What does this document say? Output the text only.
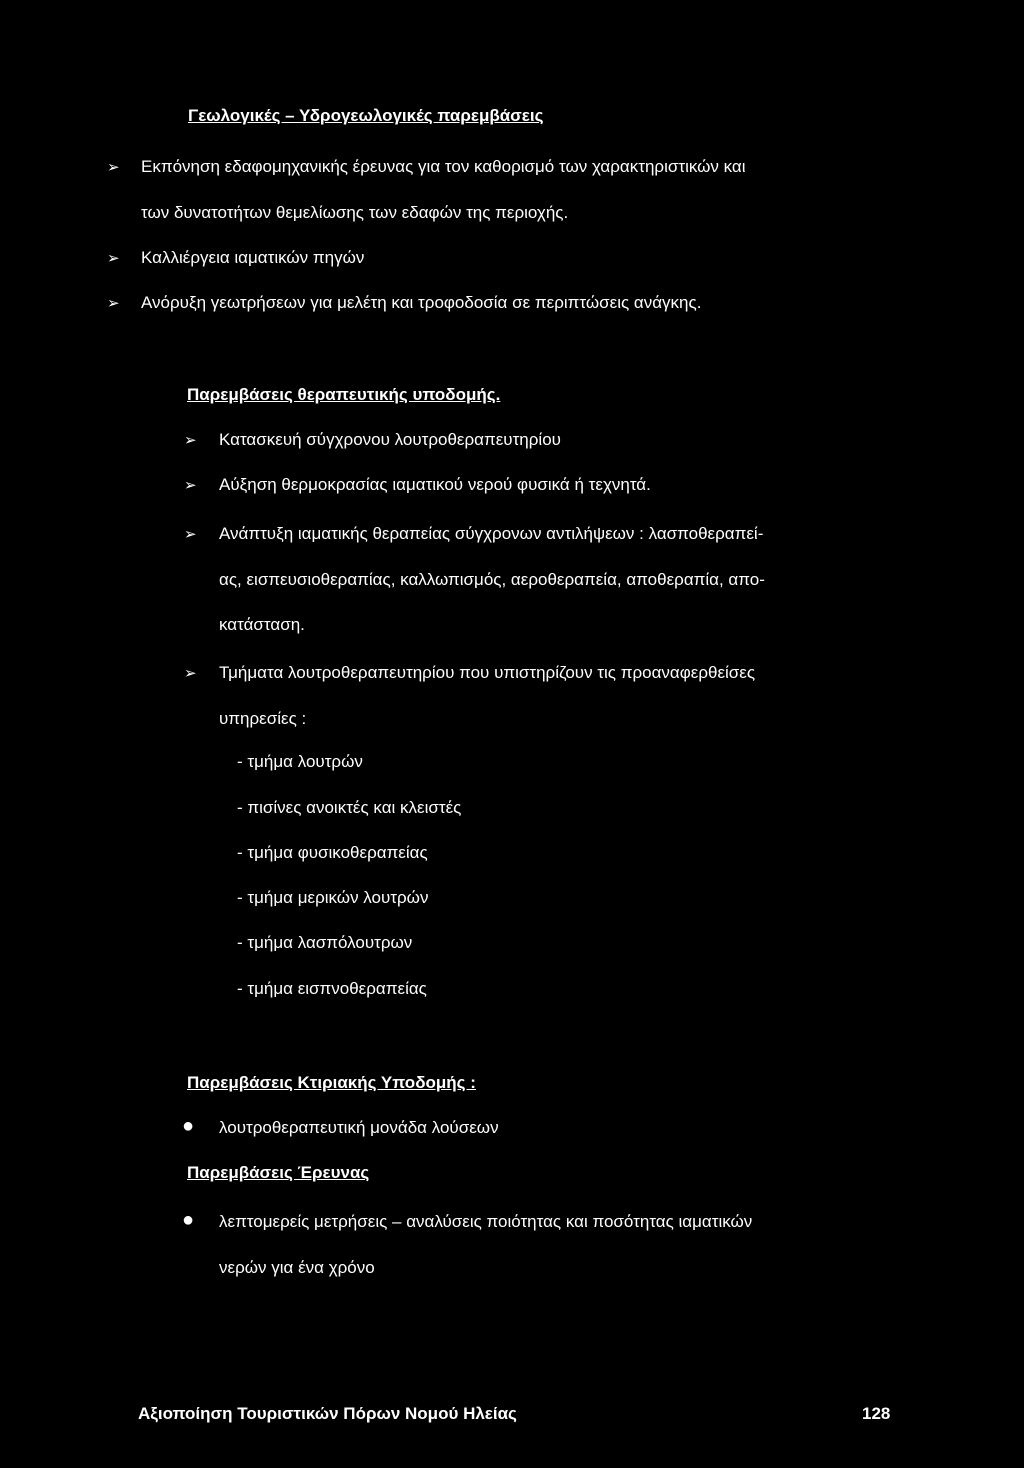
Γεωλογικές – Υδρογεωλογικές παρεμβάσεις
➢ Εκπόνηση εδαφομηχανικής έρευνας για τον καθορισμό των χαρακτηριστικών και
των δυνατοτήτων θεμελίωσης των εδαφών της περιοχής.
➢ Καλλιέργεια ιαματικών πηγών
➢ Ανόρυξη γεωτρήσεων για μελέτη και τροφοδοσία σε περιπτώσεις ανάγκης.
Παρεμβάσεις θεραπευτικής υποδομής.
➢ Κατασκευή σύγχρονου λουτροθεραπευτηρίου
➢ Αύξηση θερμοκρασίας ιαματικού νερού φυσικά ή τεχνητά.
➢ Ανάπτυξη ιαματικής θεραπείας σύγχρονων αντιλήψεων : λασποθεραπεί-
ας, εισπευσιοθεραπίας, καλλωπισμός, αεροθεραπεία, αποθεραπία, απο-
κατάσταση.
➢ Τμήματα λουτροθεραπευτηρίου που υπιστηρίζουν τις προαναφερθείσες
υπηρεσίες :
- τμήμα λουτρών
- πισίνες ανοικτές και κλειστές
- τμήμα φυσικοθεραπείας
- τμήμα μερικών λουτρών
- τμήμα λασπόλουτρων
- τμήμα εισπνοθεραπείας
Παρεμβάσεις Κτιριακής Υποδομής :
● λουτροθεραπευτική μονάδα λούσεων
Παρεμβάσεις Έρευνας
● λεπτομερείς μετρήσεις – αναλύσεις ποιότητας και ποσότητας ιαματικών
νερών για ένα χρόνο
Αξιοποίηση Τουριστικών Πόρων Νομού Ηλείας	128
